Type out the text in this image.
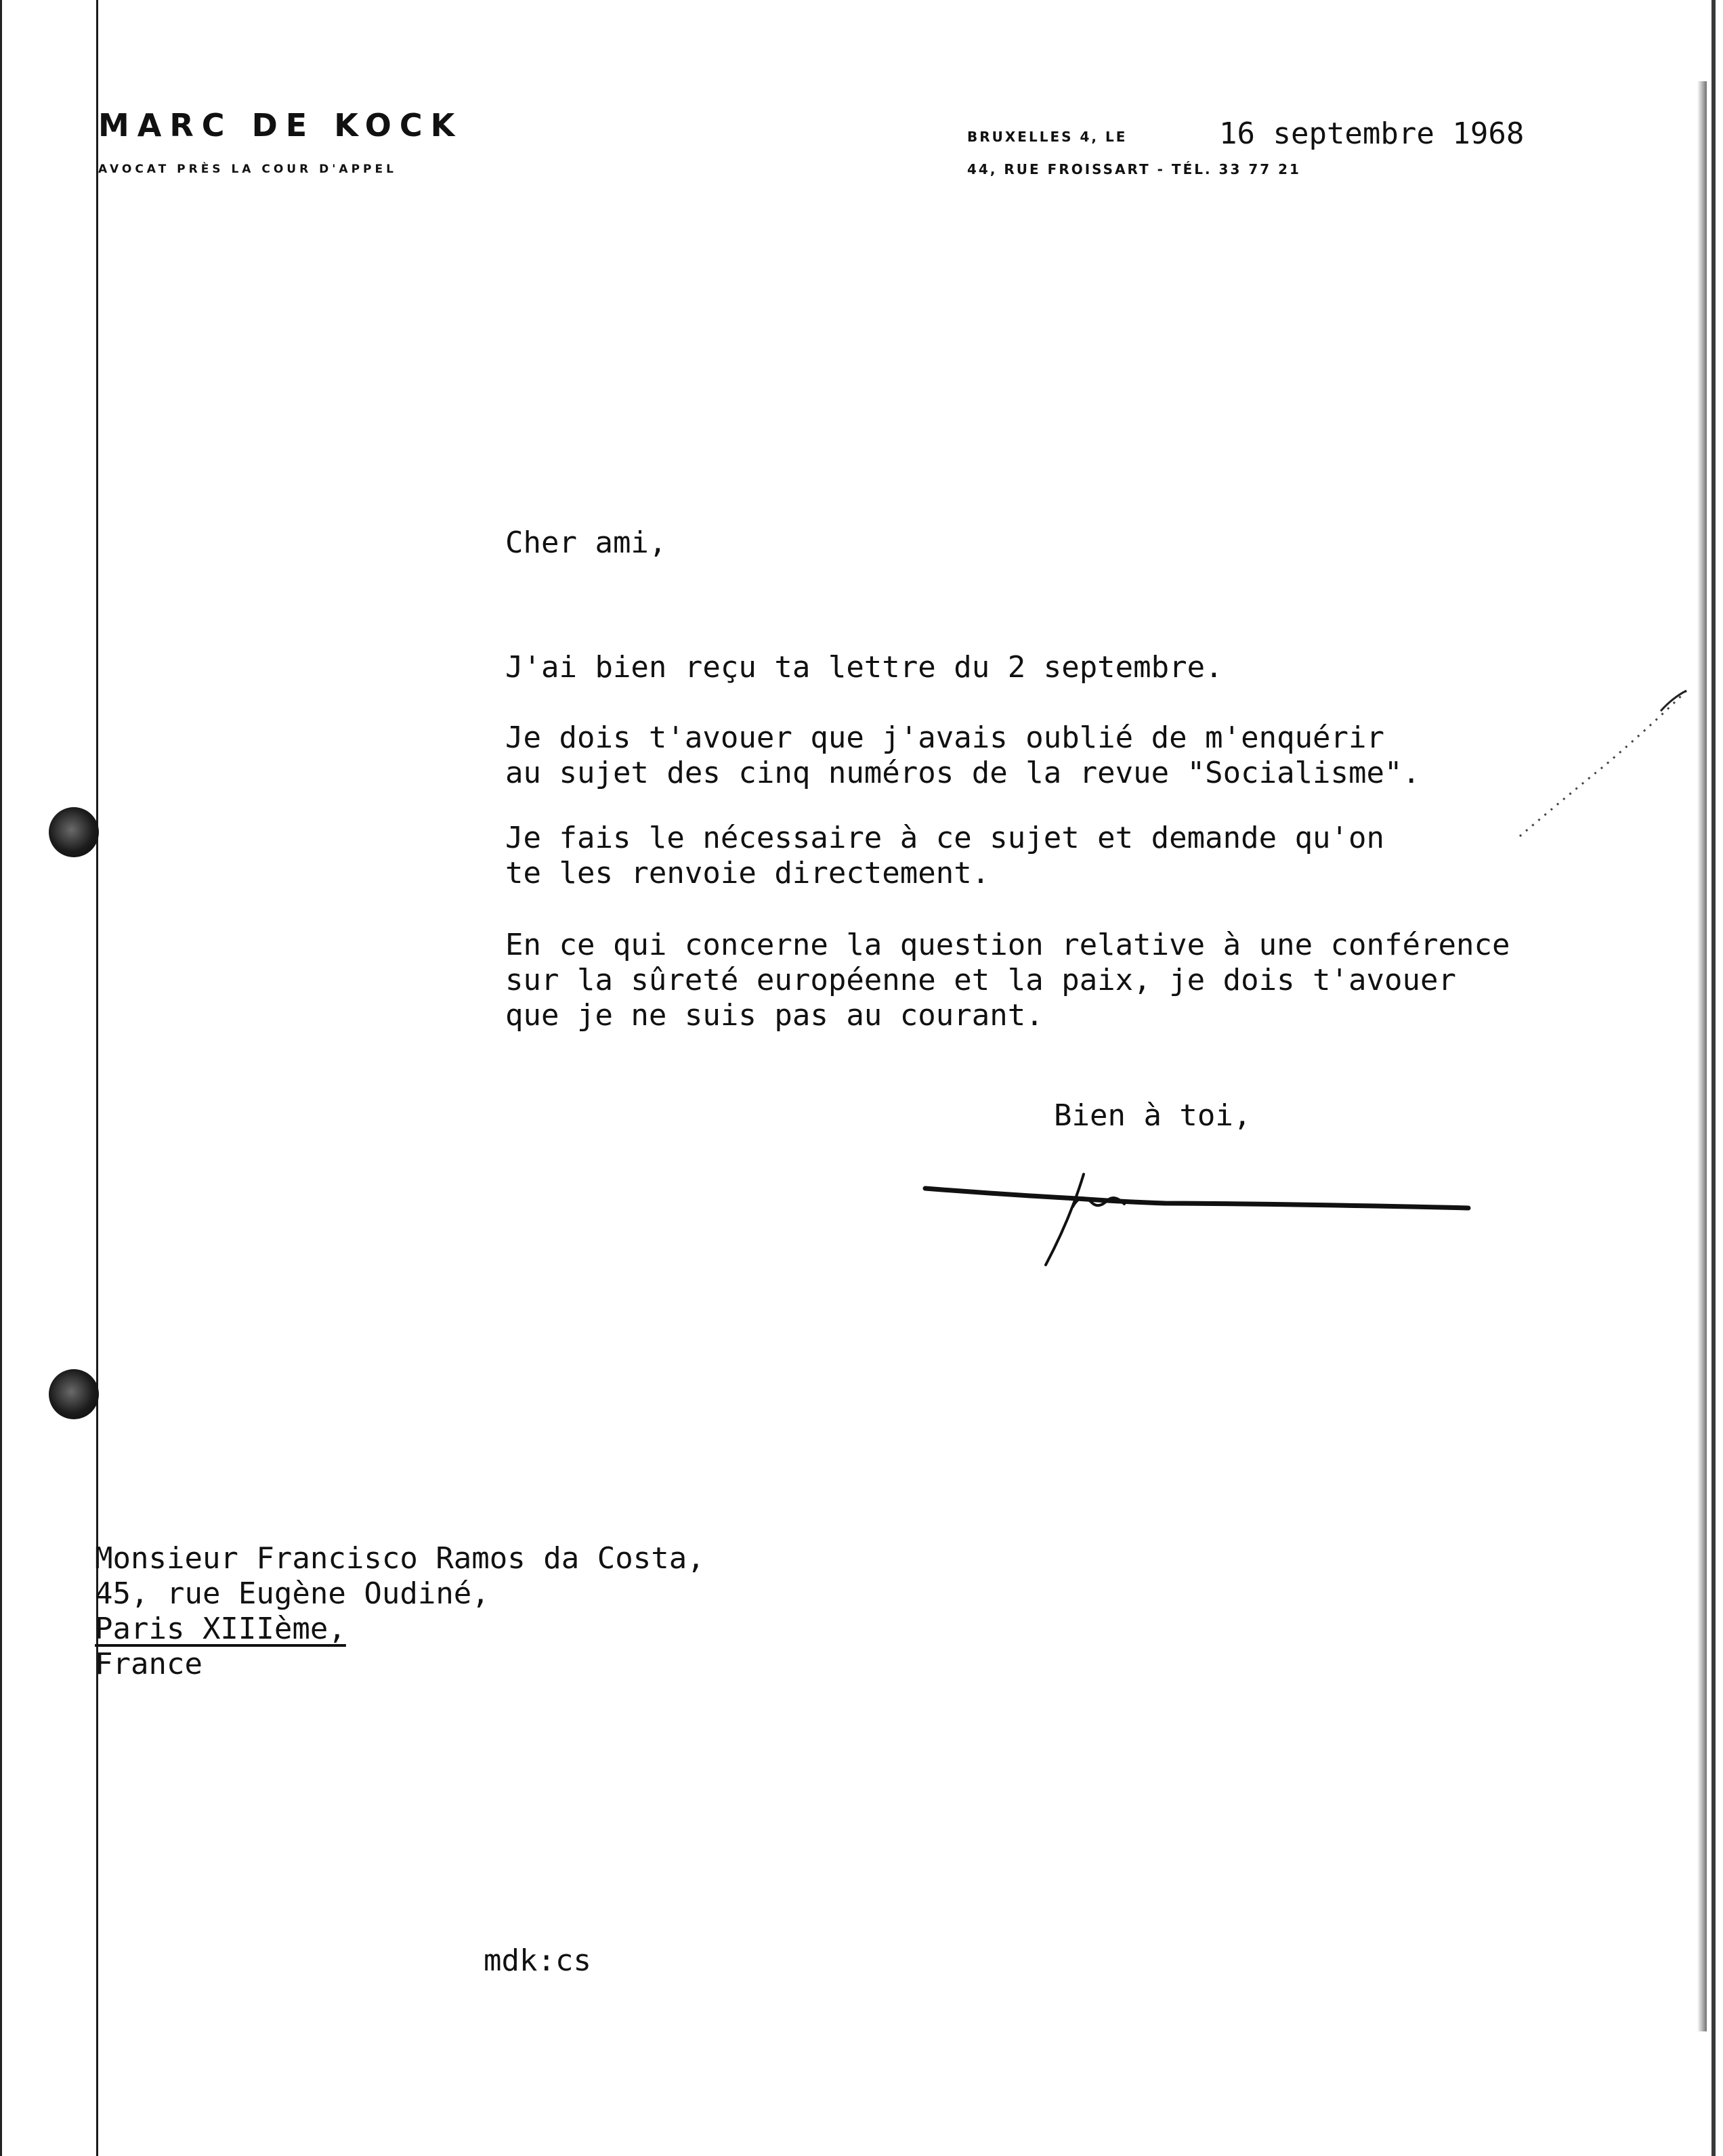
MARC DE KOCK
AVOCAT PRÈS LA COUR D'APPEL
BRUXELLES 4, LE	16 septembre 1968
44, RUE FROISSART - TÉL. 33 77 21
Cher ami,
J'ai bien reçu ta lettre du 2 septembre.
Je dois t'avouer que j'avais oublié de m'enquérir
au sujet des cinq numéros de la revue "Socialisme".
Je fais le nécessaire à ce sujet et demande qu'on
te les renvoie directement.
En ce qui concerne la question relative à une conférence
sur la sûreté européenne et la paix, je dois t'avouer
que je ne suis pas au courant.
Bien à toi,
Monsieur Francisco Ramos da Costa,
45, rue Eugène Oudiné,
Paris XIIIème,
France
mdk:cs
